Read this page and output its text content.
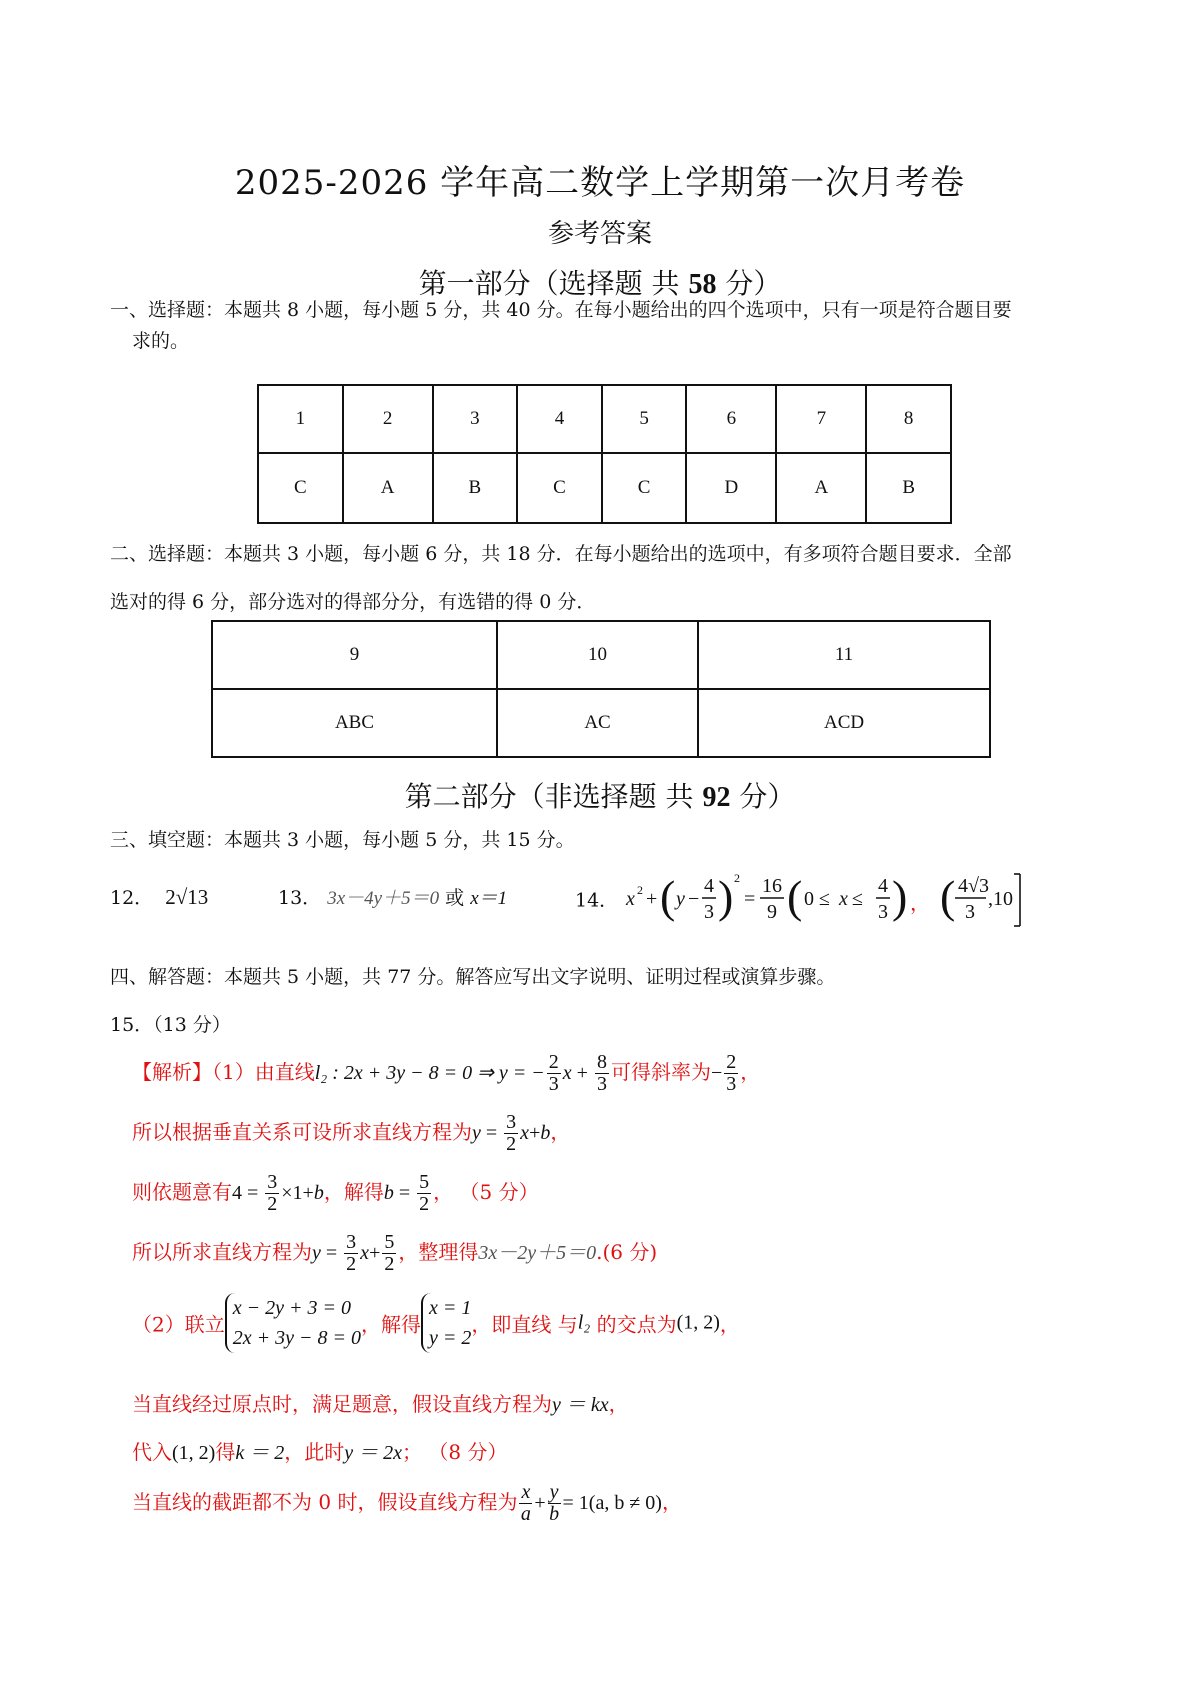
2025-2026 学年高二数学上学期第一次月考卷
参考答案
第一部分（选择题 共 58 分）
一、选择题：本题共 8 小题，每小题 5 分，共 40 分。在每小题给出的四个选项中，只有一项是符合题目要
求的。
1	2	3	4	5	6	7	8
C	A	B	C	C	D	A	B
二、选择题：本题共 3 小题，每小题 6 分，共 18 分．在每小题给出的选项中，有多项符合题目要求．全部
选对的得 6 分，部分选对的得部分分，有选错的得 0 分．
9	10	11
ABC	AC	ACD
第二部分（非选择题 共 92 分）
三、填空题：本题共 3 小题，每小题 5 分，共 15 分。
12． 2√13	13． 3x－4y＋5＝0 或 x＝1	14． x 2 + ( y −
4
3 ) 2
=
16
9 ( 0 ≤ x ≤
4
3 ) ， ( 4√3
3
,10
四、解答题：本题共 5 小题，共 77 分。解答应写出文字说明、证明过程或演算步骤。
15．（13 分）
【解析】（1）由直线l₂ : 2x + 3y − 8 = 0 ⇒ y = − $\frac{2}{3}$ $x + \frac{8}{3}$ 可得斜率为− $\frac{2}{3}$ ，
所以根据垂直关系可设所求直线方程为$y = \frac{3}{2} x+b$，
则依题意有$4 = \frac{3}{2} \times 1+b$，解得$b = \frac{5}{2}$ ， （5 分）
所以所求直线方程为$y = \frac{3}{2} x+ \frac{5}{2}$ ，整理得3x－2y＋5＝0.(6 分)
（2）联立
x − 2y + 3 = 0
2x + 3y − 8 = 0
，解得
x = 1
y = 2
，即直线 与l₂ 的交点为(1, 2)，
当直线经过原点时，满足题意，假设直线方程为y ＝ kx，
代入(1, 2)得k ＝ 2，此时y ＝ 2x； （8 分）
当直线的截距都不为 0 时，假设直线方程为 $\frac{x}{a} + \frac{y}{b} = 1(a$, b ≠ 0)，
